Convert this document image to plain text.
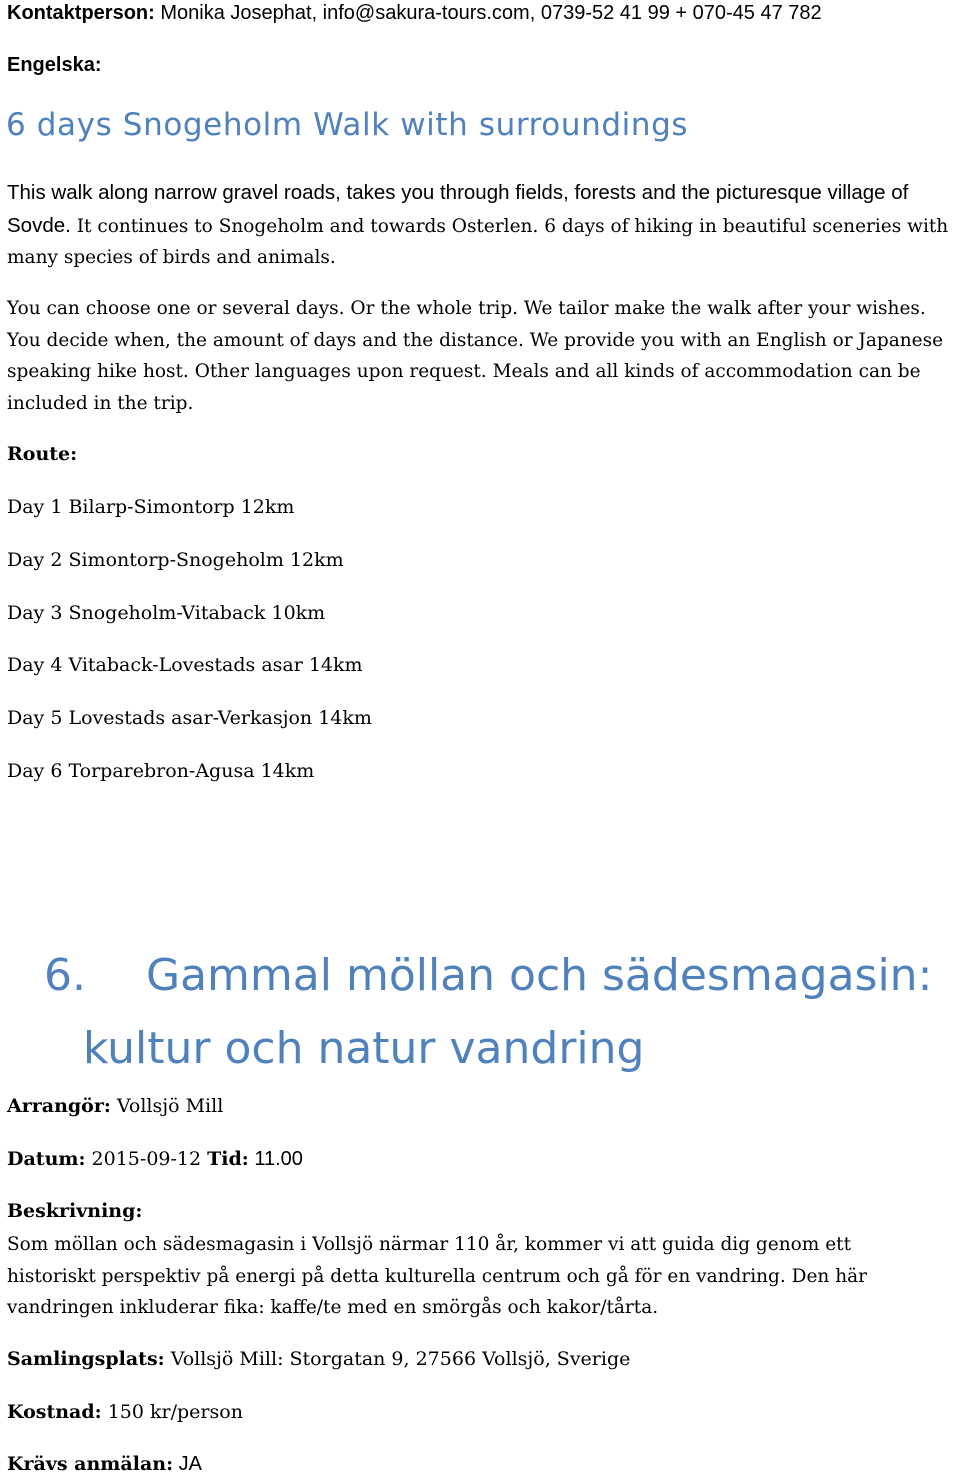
Kontaktperson: Monika Josephat, info@sakura-tours.com, 0739-52 41 99 + 070-45 47 782
Engelska:
6 days Snogeholm Walk with surroundings
This walk along narrow gravel roads, takes you through fields, forests and the picturesque village of Sovde. It continues to Snogeholm and towards Osterlen. 6 days of hiking in beautiful sceneries with many species of birds and animals.
You can choose one or several days. Or the whole trip. We tailor make the walk after your wishes. You decide when, the amount of days and the distance. We provide you with an English or Japanese speaking hike host. Other languages upon request. Meals and all kinds of accommodation can be included in the trip.
Route:
Day 1 Bilarp-Simontorp 12km
Day 2 Simontorp-Snogeholm 12km
Day 3 Snogeholm-Vitaback 10km
Day 4 Vitaback-Lovestads asar 14km
Day 5 Lovestads asar-Verkasjon 14km
Day 6 Torparebron-Agusa 14km
6. Gammal möllan och sädesmagasin:
kultur och natur vandring
Arrangör: Vollsjö Mill
Datum: 2015-09-12 Tid: 11.00
Beskrivning:
Som möllan och sädesmagasin i Vollsjö närmar 110 år, kommer vi att guida dig genom ett historiskt perspektiv på energi på detta kulturella centrum och gå för en vandring. Den här vandringen inkluderar fika: kaffe/te med en smörgås och kakor/tårta.
Samlingsplats: Vollsjö Mill: Storgatan 9, 27566 Vollsjö, Sverige
Kostnad: 150 kr/person
Krävs anmälan: JA
